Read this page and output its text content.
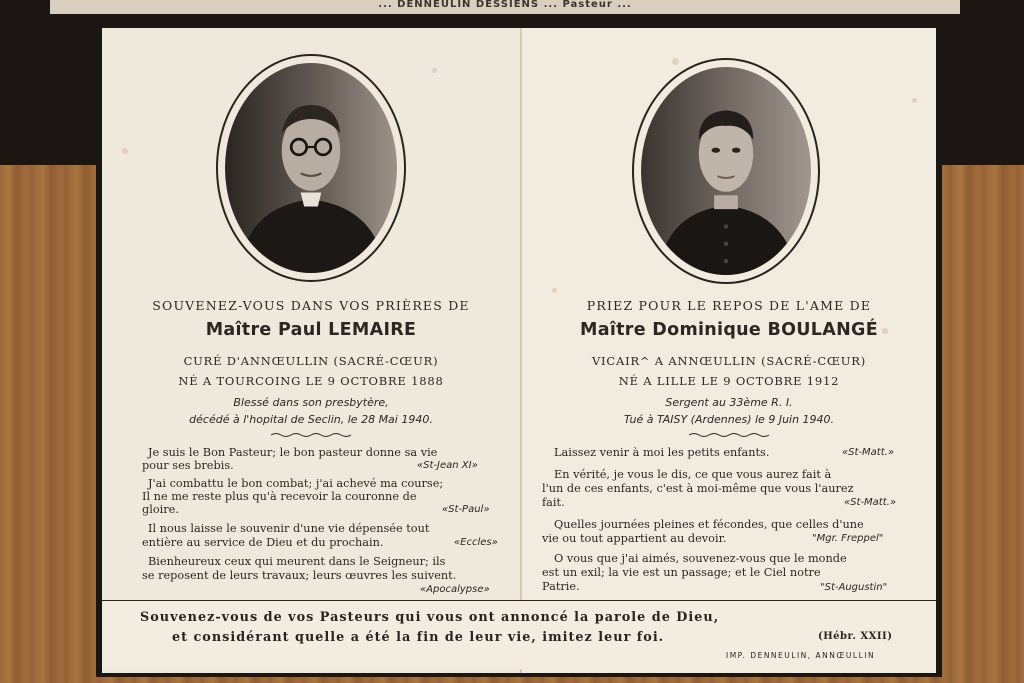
... DENNEULIN DESSIENS ... Pasteur ...
SOUVENEZ-VOUS DANS VOS PRIÈRES DE
Maître Paul LEMAIRE
CURÉ D'ANNŒULLIN (SACRÉ-CŒUR)
NÉ A TOURCOING LE 9 OCTOBRE 1888
Blessé dans son presbytère,
décédé à l'hopital de Seclin, le 28 Mai 1940.
Je suis le Bon Pasteur; le bon pasteur donne sa vie
pour ses brebis.	«St-Jean XI»
J'ai combattu le bon combat; j'ai achevé ma course;
Il ne me reste plus qu'à recevoir la couronne de
gloire.	«St-Paul»
Il nous laisse le souvenir d'une vie dépensée tout
entière au service de Dieu et du prochain.	«Eccles»
Bienheureux ceux qui meurent dans le Seigneur; ils
se reposent de leurs travaux; leurs œuvres les suivent.
«Apocalypse»
PRIEZ POUR LE REPOS DE L'AME DE
Maître Dominique BOULANGÉ
VICAIR^ A ANNŒULLIN (SACRÉ-CŒUR)
NÉ A LILLE LE 9 OCTOBRE 1912
Sergent au 33ème R. I.
Tué à TAISY (Ardennes) le 9 Juin 1940.
Laissez venir à moi les petits enfants.	«St-Matt.»
En vérité, je vous le dis, ce que vous aurez fait à
l'un de ces enfants, c'est à moi-même que vous l'aurez
fait.	«St-Matt.»
Quelles journées pleines et fécondes, que celles d'une
vie ou tout appartient au devoir.	"Mgr. Freppel"
O vous que j'ai aimés, souvenez-vous que le monde
est un exil; la vie est un passage; et le Ciel notre
Patrie.	"St-Augustin"
Souvenez-vous de vos Pasteurs qui vous ont annoncé la parole de Dieu,
et considérant quelle a été la fin de leur vie, imitez leur foi.	(Hébr. XXII)
IMP. DENNEULIN, ANNŒULLIN
